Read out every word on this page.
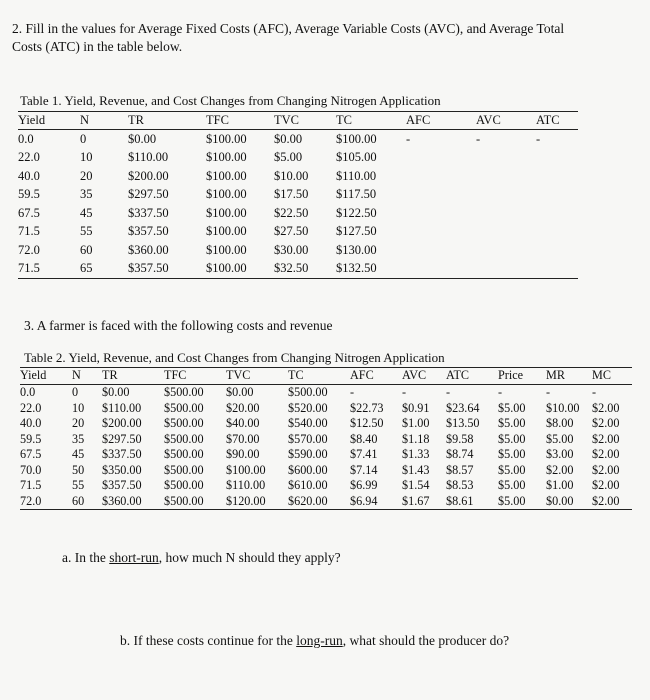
2. Fill in the values for Average Fixed Costs (AFC), Average Variable Costs (AVC), and Average Total
Costs (ATC) in the table below.
Table 1. Yield, Revenue, and Cost Changes from Changing Nitrogen Application
Yield	N	TR	TFC	TVC	TC	AFC	AVC	ATC
0.0	0	$0.00	$100.00	$0.00	$100.00	-	-	-
22.0	10	$110.00	$100.00	$5.00	$105.00			
40.0	20	$200.00	$100.00	$10.00	$110.00			
59.5	35	$297.50	$100.00	$17.50	$117.50			
67.5	45	$337.50	$100.00	$22.50	$122.50			
71.5	55	$357.50	$100.00	$27.50	$127.50			
72.0	60	$360.00	$100.00	$30.00	$130.00			
71.5	65	$357.50	$100.00	$32.50	$132.50			
3. A farmer is faced with the following costs and revenue
Table 2. Yield, Revenue, and Cost Changes from Changing Nitrogen Application
Yield	N	TR	TFC	TVC	TC	AFC	AVC	ATC	Price	MR	MC
0.0	0	$0.00	$500.00	$0.00	$500.00	-	-	-	-	-	-
22.0	10	$110.00	$500.00	$20.00	$520.00	$22.73	$0.91	$23.64	$5.00	$10.00	$2.00
40.0	20	$200.00	$500.00	$40.00	$540.00	$12.50	$1.00	$13.50	$5.00	$8.00	$2.00
59.5	35	$297.50	$500.00	$70.00	$570.00	$8.40	$1.18	$9.58	$5.00	$5.00	$2.00
67.5	45	$337.50	$500.00	$90.00	$590.00	$7.41	$1.33	$8.74	$5.00	$3.00	$2.00
70.0	50	$350.00	$500.00	$100.00	$600.00	$7.14	$1.43	$8.57	$5.00	$2.00	$2.00
71.5	55	$357.50	$500.00	$110.00	$610.00	$6.99	$1.54	$8.53	$5.00	$1.00	$2.00
72.0	60	$360.00	$500.00	$120.00	$620.00	$6.94	$1.67	$8.61	$5.00	$0.00	$2.00
a. In the short-run, how much N should they apply?
b. If these costs continue for the long-run, what should the producer do?
